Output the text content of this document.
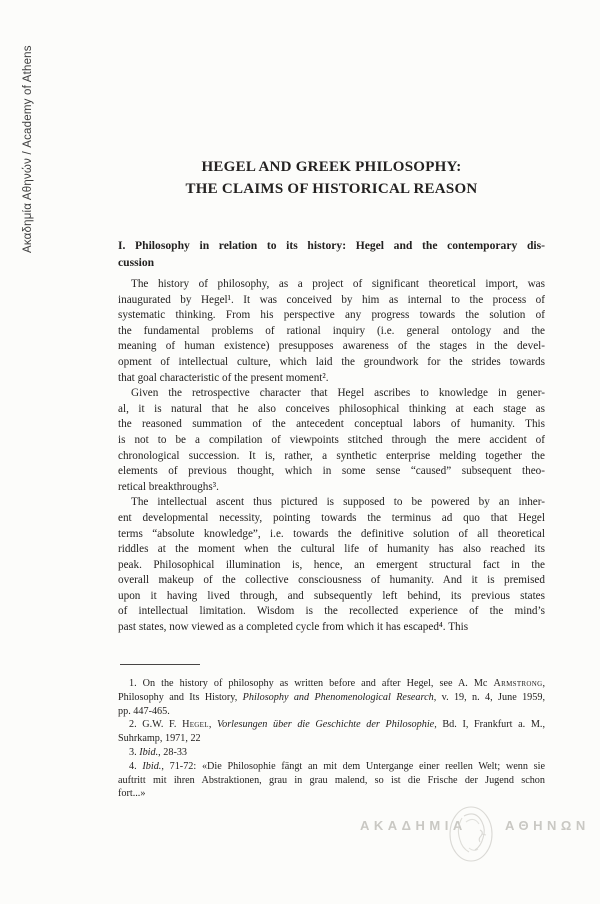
Ακαδημία Αθηνών / Academy of Athens	HEGEL AND GREEK PHILOSOPHY:
THE CLAIMS OF HISTORICAL REASON
I. Philosophy in relation to its history: Hegel and the contemporary dis-
cussion
The history of philosophy, as a project of significant theoretical import, was
inaugurated by Hegel¹. It was conceived by him as internal to the process of
systematic thinking. From his perspective any progress towards the solution of
the fundamental problems of rational inquiry (i.e. general ontology and the
meaning of human existence) presupposes awareness of the stages in the devel-
opment of intellectual culture, which laid the groundwork for the strides towards
that goal characteristic of the present moment².
Given the retrospective character that Hegel ascribes to knowledge in gener-
al, it is natural that he also conceives philosophical thinking at each stage as
the reasoned summation of the antecedent conceptual labors of humanity. This
is not to be a compilation of viewpoints stitched through the mere accident of
chronological succession. It is, rather, a synthetic enterprise melding together the
elements of previous thought, which in some sense “caused” subsequent theo-
retical breakthroughs³.
The intellectual ascent thus pictured is supposed to be powered by an inher-
ent developmental necessity, pointing towards the terminus ad quo that Hegel
terms “absolute knowledge”, i.e. towards the definitive solution of all theoretical
riddles at the moment when the cultural life of humanity has also reached its
peak. Philosophical illumination is, hence, an emergent structural fact in the
overall makeup of the collective consciousness of humanity. And it is premised
upon it having lived through, and subsequently left behind, its previous states
of intellectual limitation. Wisdom is the recollected experience of the mind’s
past states, now viewed as a completed cycle from which it has escaped⁴. This
1. On the history of philosophy as written before and after Hegel, see A. Mc Armstrong,
Philosophy and Its History, Philosophy and Phenomenological Research, v. 19, n. 4, June 1959,
pp. 447-465.
2. G.W. F. Hegel, Vorlesungen über die Geschichte der Philosophie, Bd. I, Frankfurt a. M.,
Suhrkamp, 1971, 22
3. Ibid., 28-33
4. Ibid., 71-72: «Die Philosophie fängt an mit dem Untergange einer reellen Welt; wenn sie
auftritt mit ihren Abstraktionen, grau in grau malend, so ist die Frische der Jugend schon
fort...»
ΑΚΑΔΗΜΙΑ	ΑΘΗΝΩΝ
